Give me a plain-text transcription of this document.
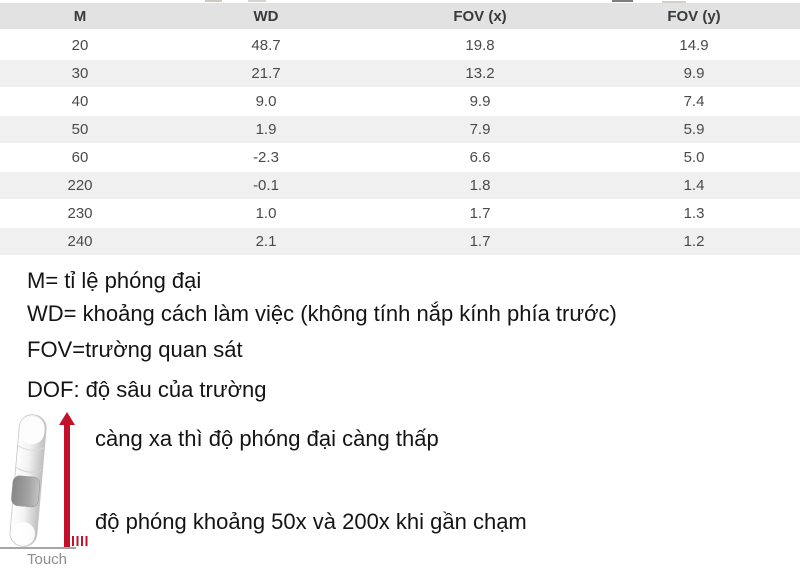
M	WD	FOV (x)	FOV (y)
20	48.7	19.8	14.9
30	21.7	13.2	9.9
40	9.0	9.9	7.4
50	1.9	7.9	5.9
60	-2.3	6.6	5.0
220	-0.1	1.8	1.4
230	1.0	1.7	1.3
240	2.1	1.7	1.2

M= tỉ lệ phóng đại

WD= khoảng cách làm việc (không tính nắp kính phía trước)

FOV=trường quan sát

DOF: độ sâu của trường

Touch
càng xa thì độ phóng đại càng thấp
độ phóng khoảng 50x và 200x khi gần chạm
